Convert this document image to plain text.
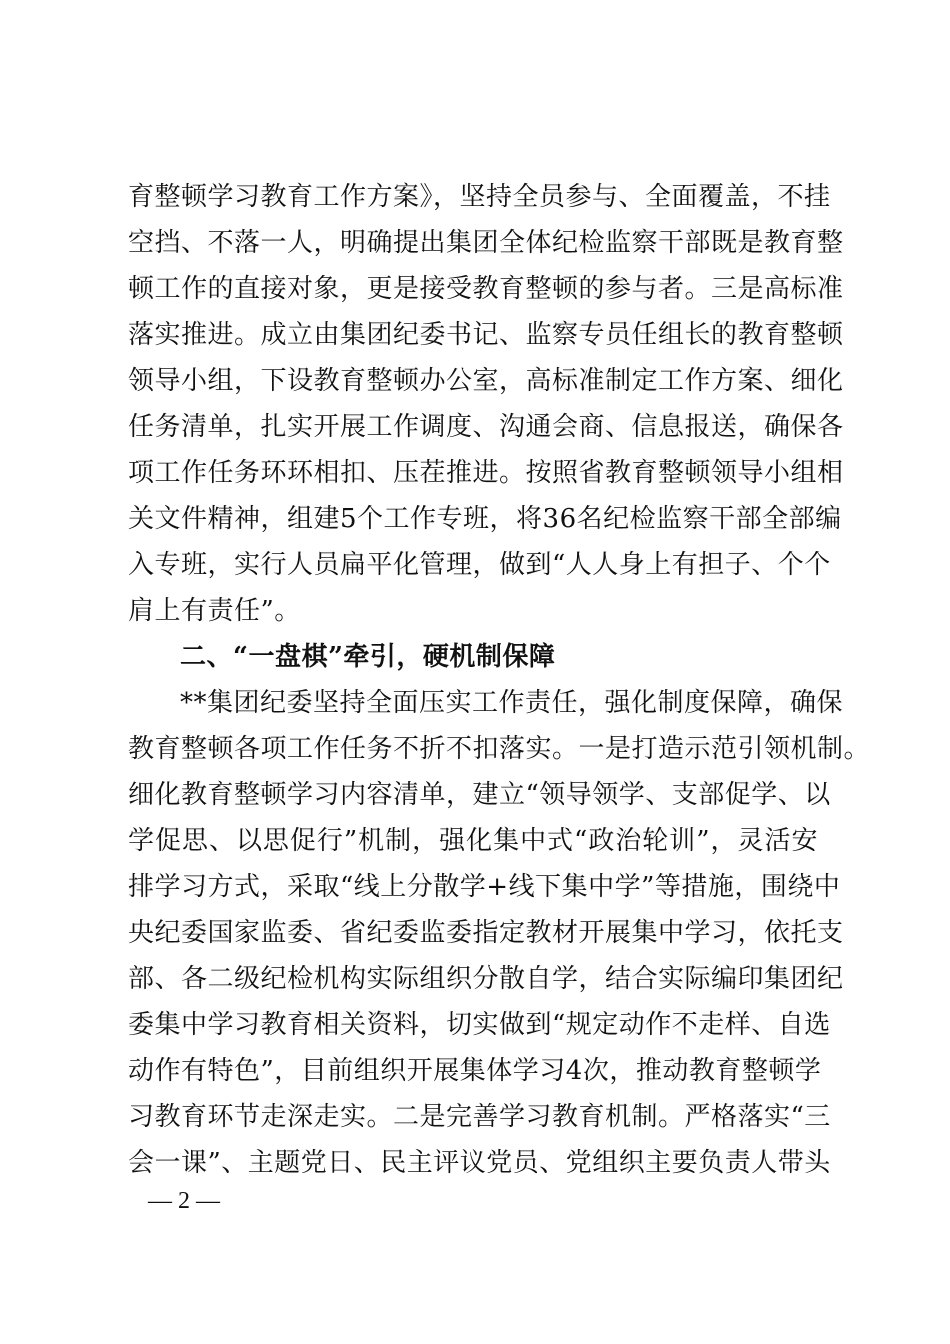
育整顿学习教育工作方案》，坚持全员参与、全面覆盖，不挂
空挡、不落一人，明确提出集团全体纪检监察干部既是教育整
顿工作的直接对象，更是接受教育整顿的参与者。三是高标准
落实推进。成立由集团纪委书记、监察专员任组长的教育整顿
领导小组，下设教育整顿办公室，高标准制定工作方案、细化
任务清单，扎实开展工作调度、沟通会商、信息报送，确保各
项工作任务环环相扣、压茬推进。按照省教育整顿领导小组相
关文件精神，组建5个工作专班，将36名纪检监察干部全部编
入专班，实行人员扁平化管理，做到“人人身上有担子、个个
肩上有责任”。
二、“一盘棋”牵引，硬机制保障
**集团纪委坚持全面压实工作责任，强化制度保障，确保
教育整顿各项工作任务不折不扣落实。一是打造示范引领机制。
细化教育整顿学习内容清单，建立“领导领学、支部促学、以
学促思、以思促行”机制，强化集中式“政治轮训”，灵活安
排学习方式，采取“线上分散学+线下集中学”等措施，围绕中
央纪委国家监委、省纪委监委指定教材开展集中学习，依托支
部、各二级纪检机构实际组织分散自学，结合实际编印集团纪
委集中学习教育相关资料，切实做到“规定动作不走样、自选
动作有特色”，目前组织开展集体学习4次，推动教育整顿学
习教育环节走深走实。二是完善学习教育机制。严格落实“三
会一课”、主题党日、民主评议党员、党组织主要负责人带头
— 2 —
